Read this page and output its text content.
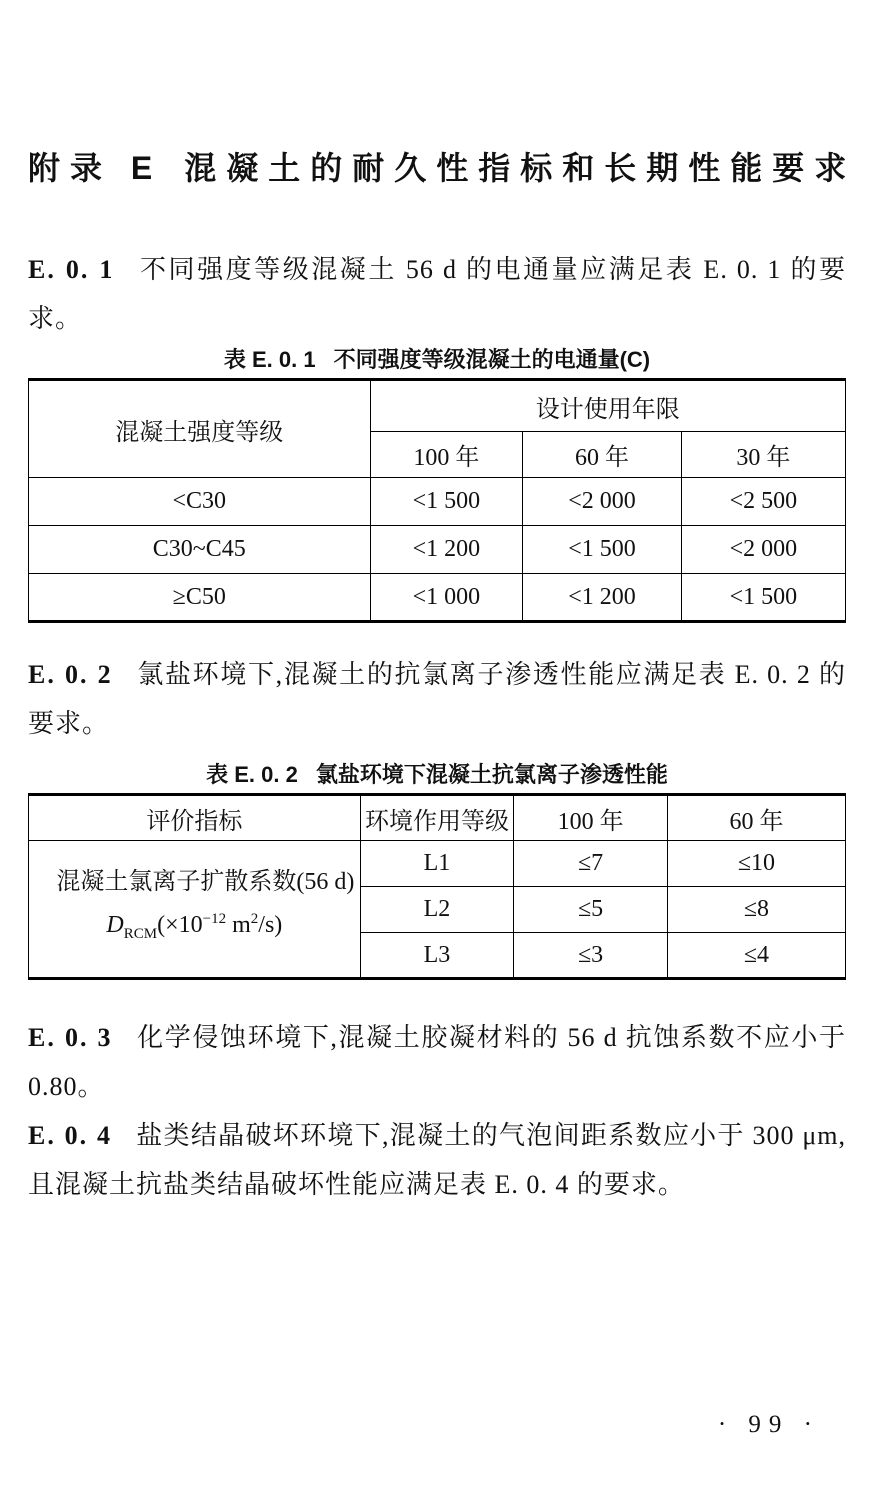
附录 E 混凝土的耐久性指标和长期性能要求

E. 0. 1 不同强度等级混凝土 56 d 的电通量应满足表 E. 0. 1 的要求。

表 E. 0. 1 不同强度等级混凝土的电通量(C)
混凝土强度等级	设计使用年限		
	100 年	60 年	30 年
<C30	<1 500	<2 000	<2 500
C30~C45	<1 200	<1 500	<2 000
≥C50	<1 000	<1 200	<1 500

E. 0. 2 氯盐环境下,混凝土的抗氯离子渗透性能应满足表 E. 0. 2 的要求。

表 E. 0. 2 氯盐环境下混凝土抗氯离子渗透性能
评价指标	环境作用等级	100 年	60 年

混凝土氯离子扩散系数(56 d)
$D_{RCM}(\times 10^{-12}$ $m^2/s$)	L1	≤7	≤10
	L2	≤5	≤8
	L3	≤3	≤4

E. 0. 3 化学侵蚀环境下,混凝土胶凝材料的 56 d 抗蚀系数不应小于 0.80。

E. 0. 4 盐类结晶破坏环境下,混凝土的气泡间距系数应小于 300 μm,且混凝土抗盐类结晶破坏性能应满足表 E. 0. 4 的要求。

· 99 ·
